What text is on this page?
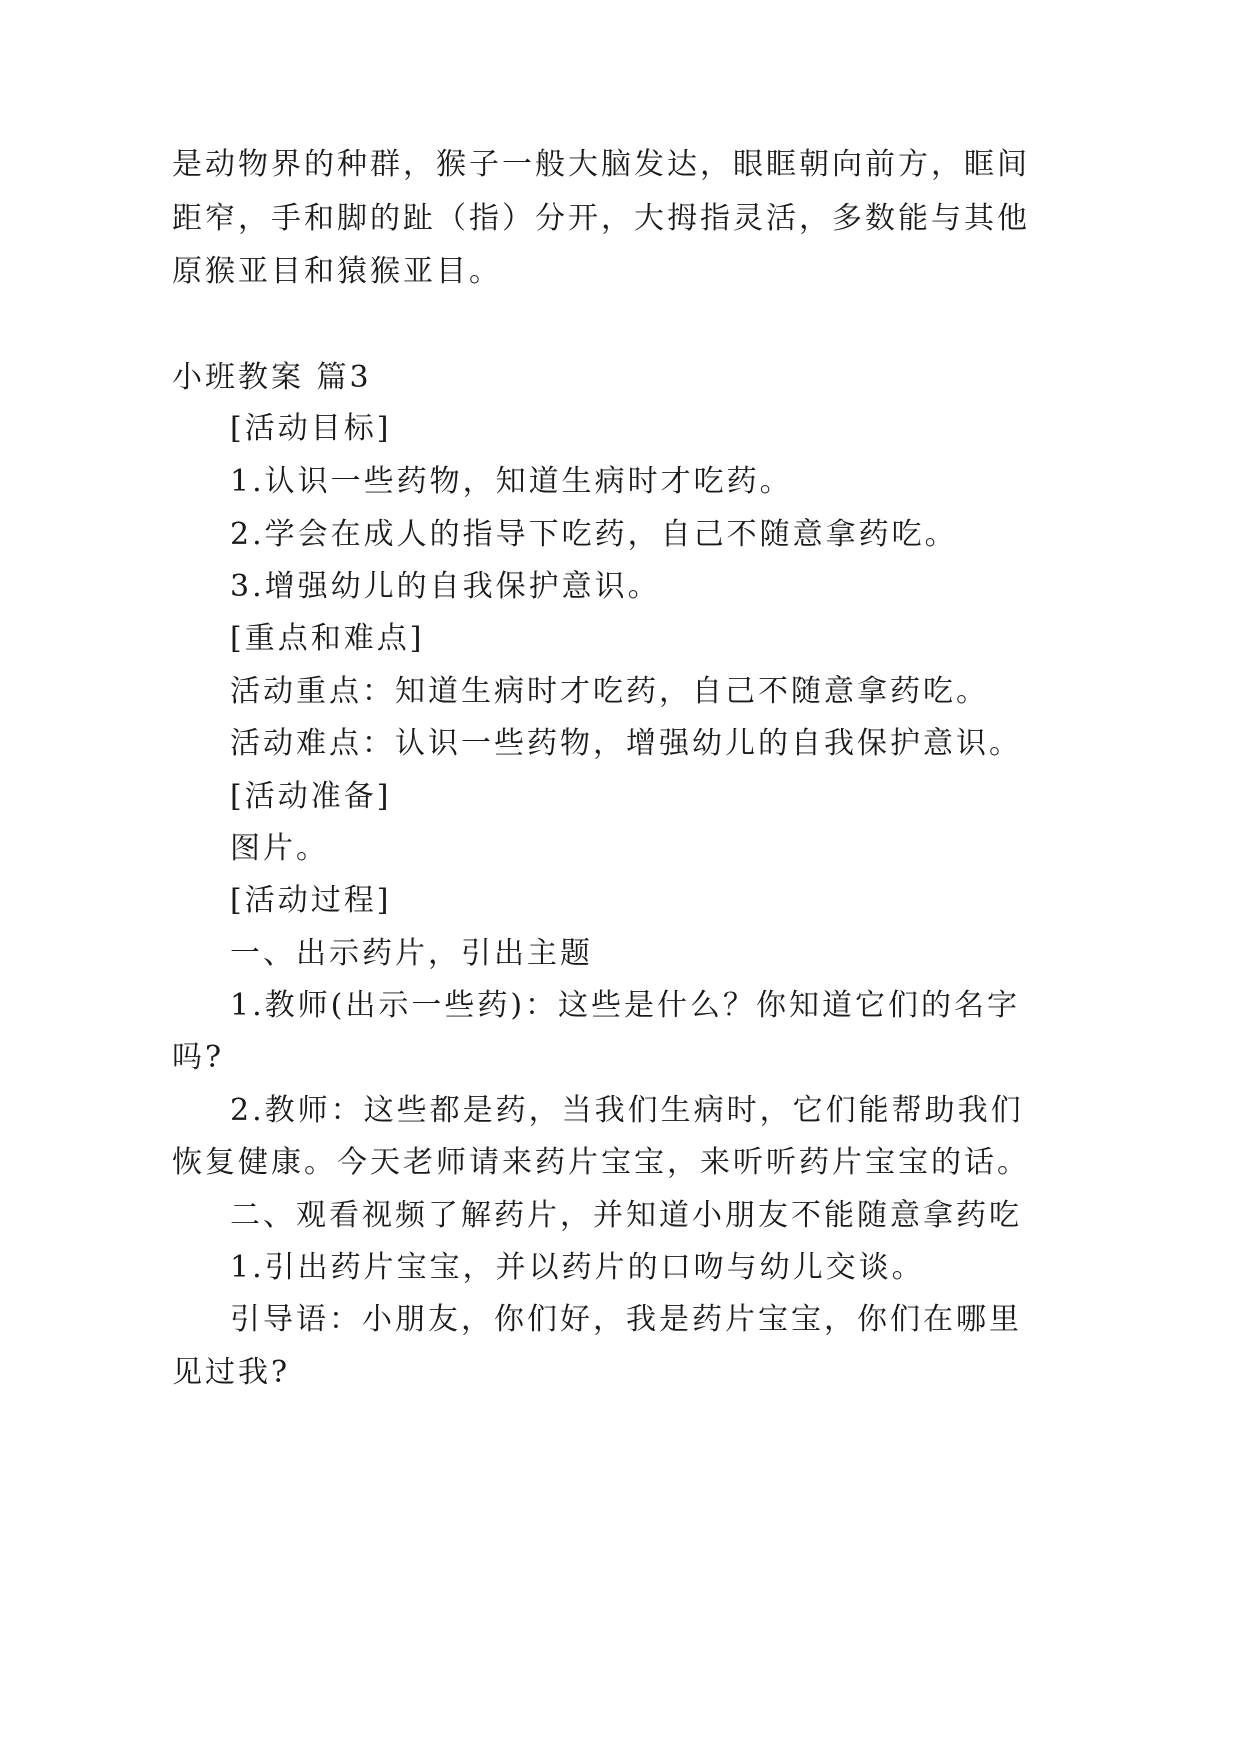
是动物界的种群，猴子一般大脑发达，眼眶朝向前方，眶间
距窄，手和脚的趾（指）分开，大拇指灵活，多数能与其他
原猴亚目和猿猴亚目。
小班教案 篇3
[活动目标]
1.认识一些药物，知道生病时才吃药。
2.学会在成人的指导下吃药，自己不随意拿药吃。
3.增强幼儿的自我保护意识。
[重点和难点]
活动重点：知道生病时才吃药，自己不随意拿药吃。
活动难点：认识一些药物，增强幼儿的自我保护意识。
[活动准备]
图片。
[活动过程]
一、出示药片，引出主题
1.教师(出示一些药)：这些是什么？你知道它们的名字
吗?
2.教师：这些都是药，当我们生病时，它们能帮助我们
恢复健康。今天老师请来药片宝宝，来听听药片宝宝的话。
二、观看视频了解药片，并知道小朋友不能随意拿药吃
1.引出药片宝宝，并以药片的口吻与幼儿交谈。
引导语：小朋友，你们好，我是药片宝宝，你们在哪里
见过我?
